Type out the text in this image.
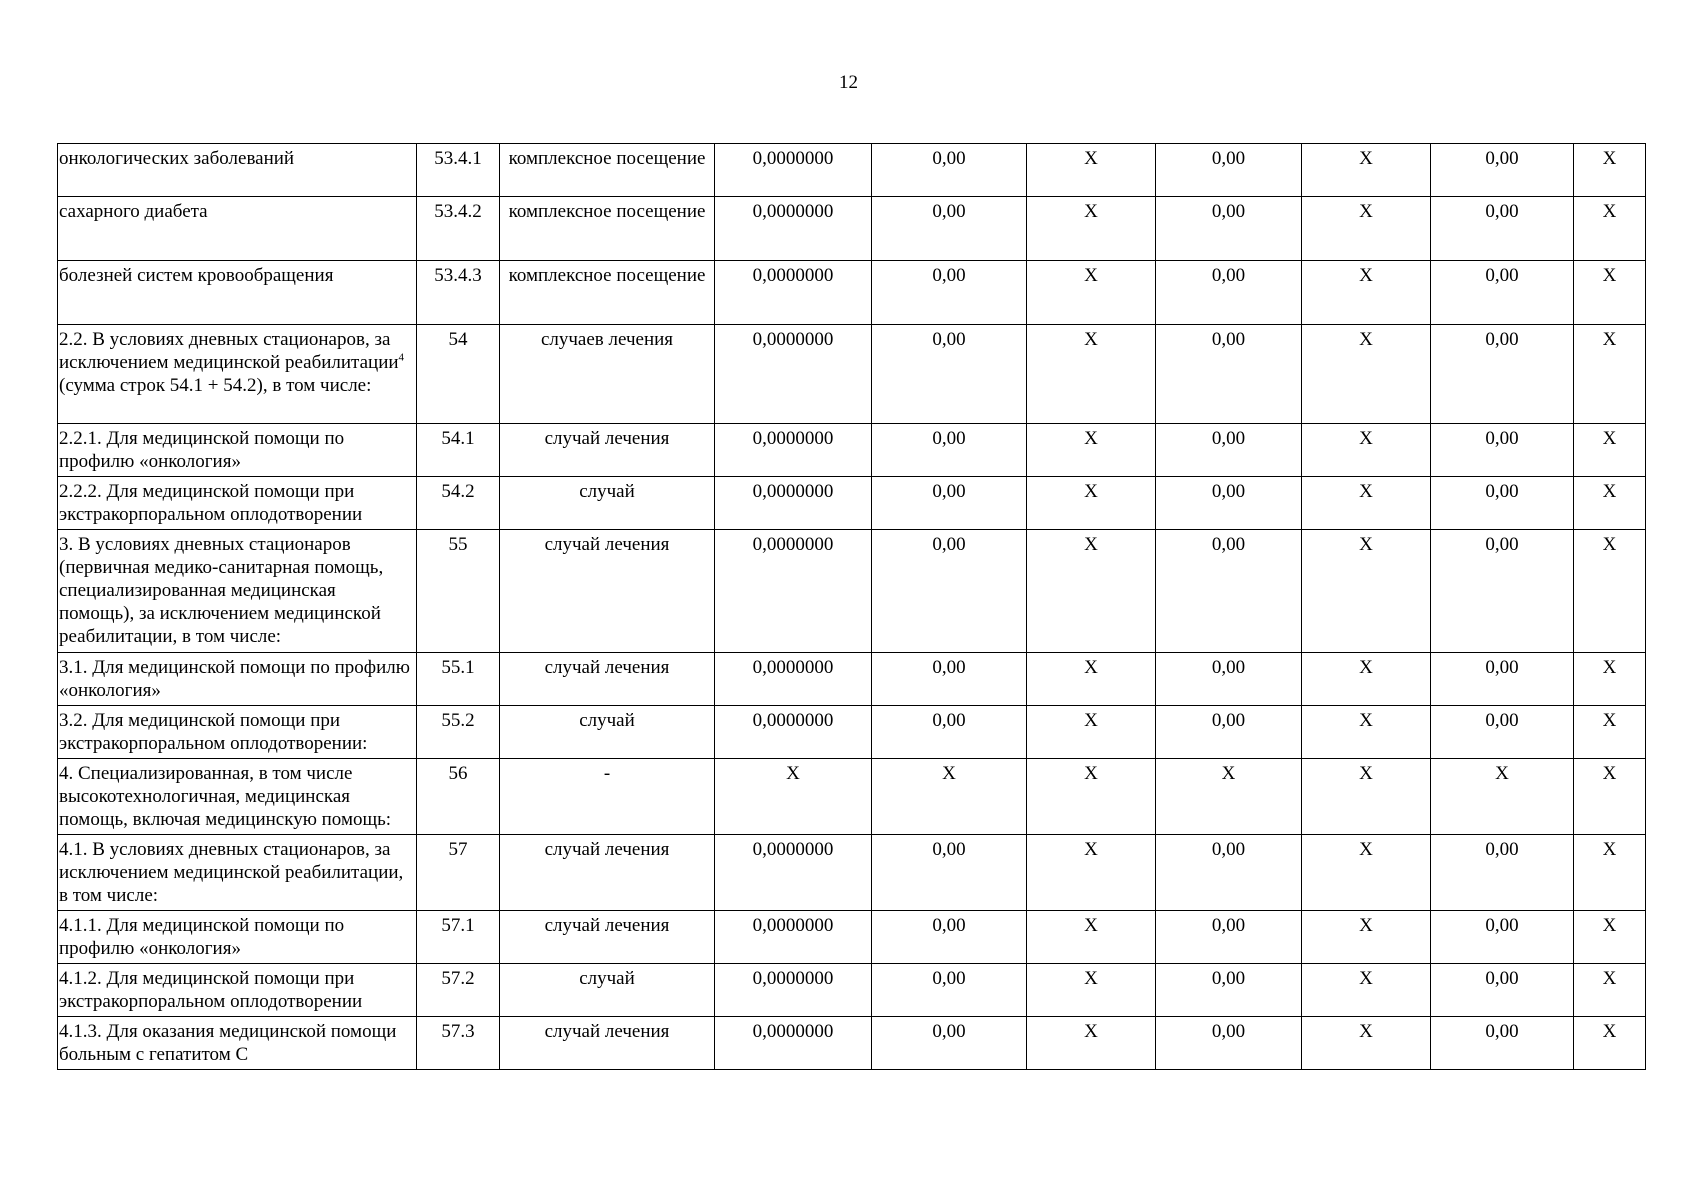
12
онкологических заболеваний	53.4.1	комплексное посещение	0,0000000	0,00	X	0,00	X	0,00	X
сахарного диабета	53.4.2	комплексное посещение	0,0000000	0,00	X	0,00	X	0,00	X
болезней систем кровообращения	53.4.3	комплексное посещение	0,0000000	0,00	X	0,00	X	0,00	X
2.2. В условиях дневных стационаров, за исключением медицинской реабилитации$^4$ (сумма строк 54.1 + 54.2), в том числе:	54	случаев лечения	0,0000000	0,00	X	0,00	X	0,00	X
2.2.1. Для медицинской помощи по профилю «онкология»	54.1	случай лечения	0,0000000	0,00	X	0,00	X	0,00	X
2.2.2. Для медицинской помощи при экстракорпоральном оплодотворении	54.2	случай	0,0000000	0,00	X	0,00	X	0,00	X
3. В условиях дневных стационаров (первичная медико-санитарная помощь, специализированная медицинская помощь), за исключением медицинской реабилитации, в том числе:	55	случай лечения	0,0000000	0,00	X	0,00	X	0,00	X
3.1. Для медицинской помощи по профилю «онкология»	55.1	случай лечения	0,0000000	0,00	X	0,00	X	0,00	X
3.2. Для медицинской помощи при экстракорпоральном оплодотворении:	55.2	случай	0,0000000	0,00	X	0,00	X	0,00	X
4. Специализированная, в том числе высокотехнологичная, медицинская помощь, включая медицинскую помощь:	56	-	X	X	X	X	X	X	X
4.1. В условиях дневных стационаров, за исключением медицинской реабилитации, в том числе:	57	случай лечения	0,0000000	0,00	X	0,00	X	0,00	X
4.1.1. Для медицинской помощи по профилю «онкология»	57.1	случай лечения	0,0000000	0,00	X	0,00	X	0,00	X
4.1.2. Для медицинской помощи при экстракорпоральном оплодотворении	57.2	случай	0,0000000	0,00	X	0,00	X	0,00	X
4.1.3. Для оказания медицинской помощи больным с гепатитом С	57.3	случай лечения	0,0000000	0,00	X	0,00	X	0,00	X
